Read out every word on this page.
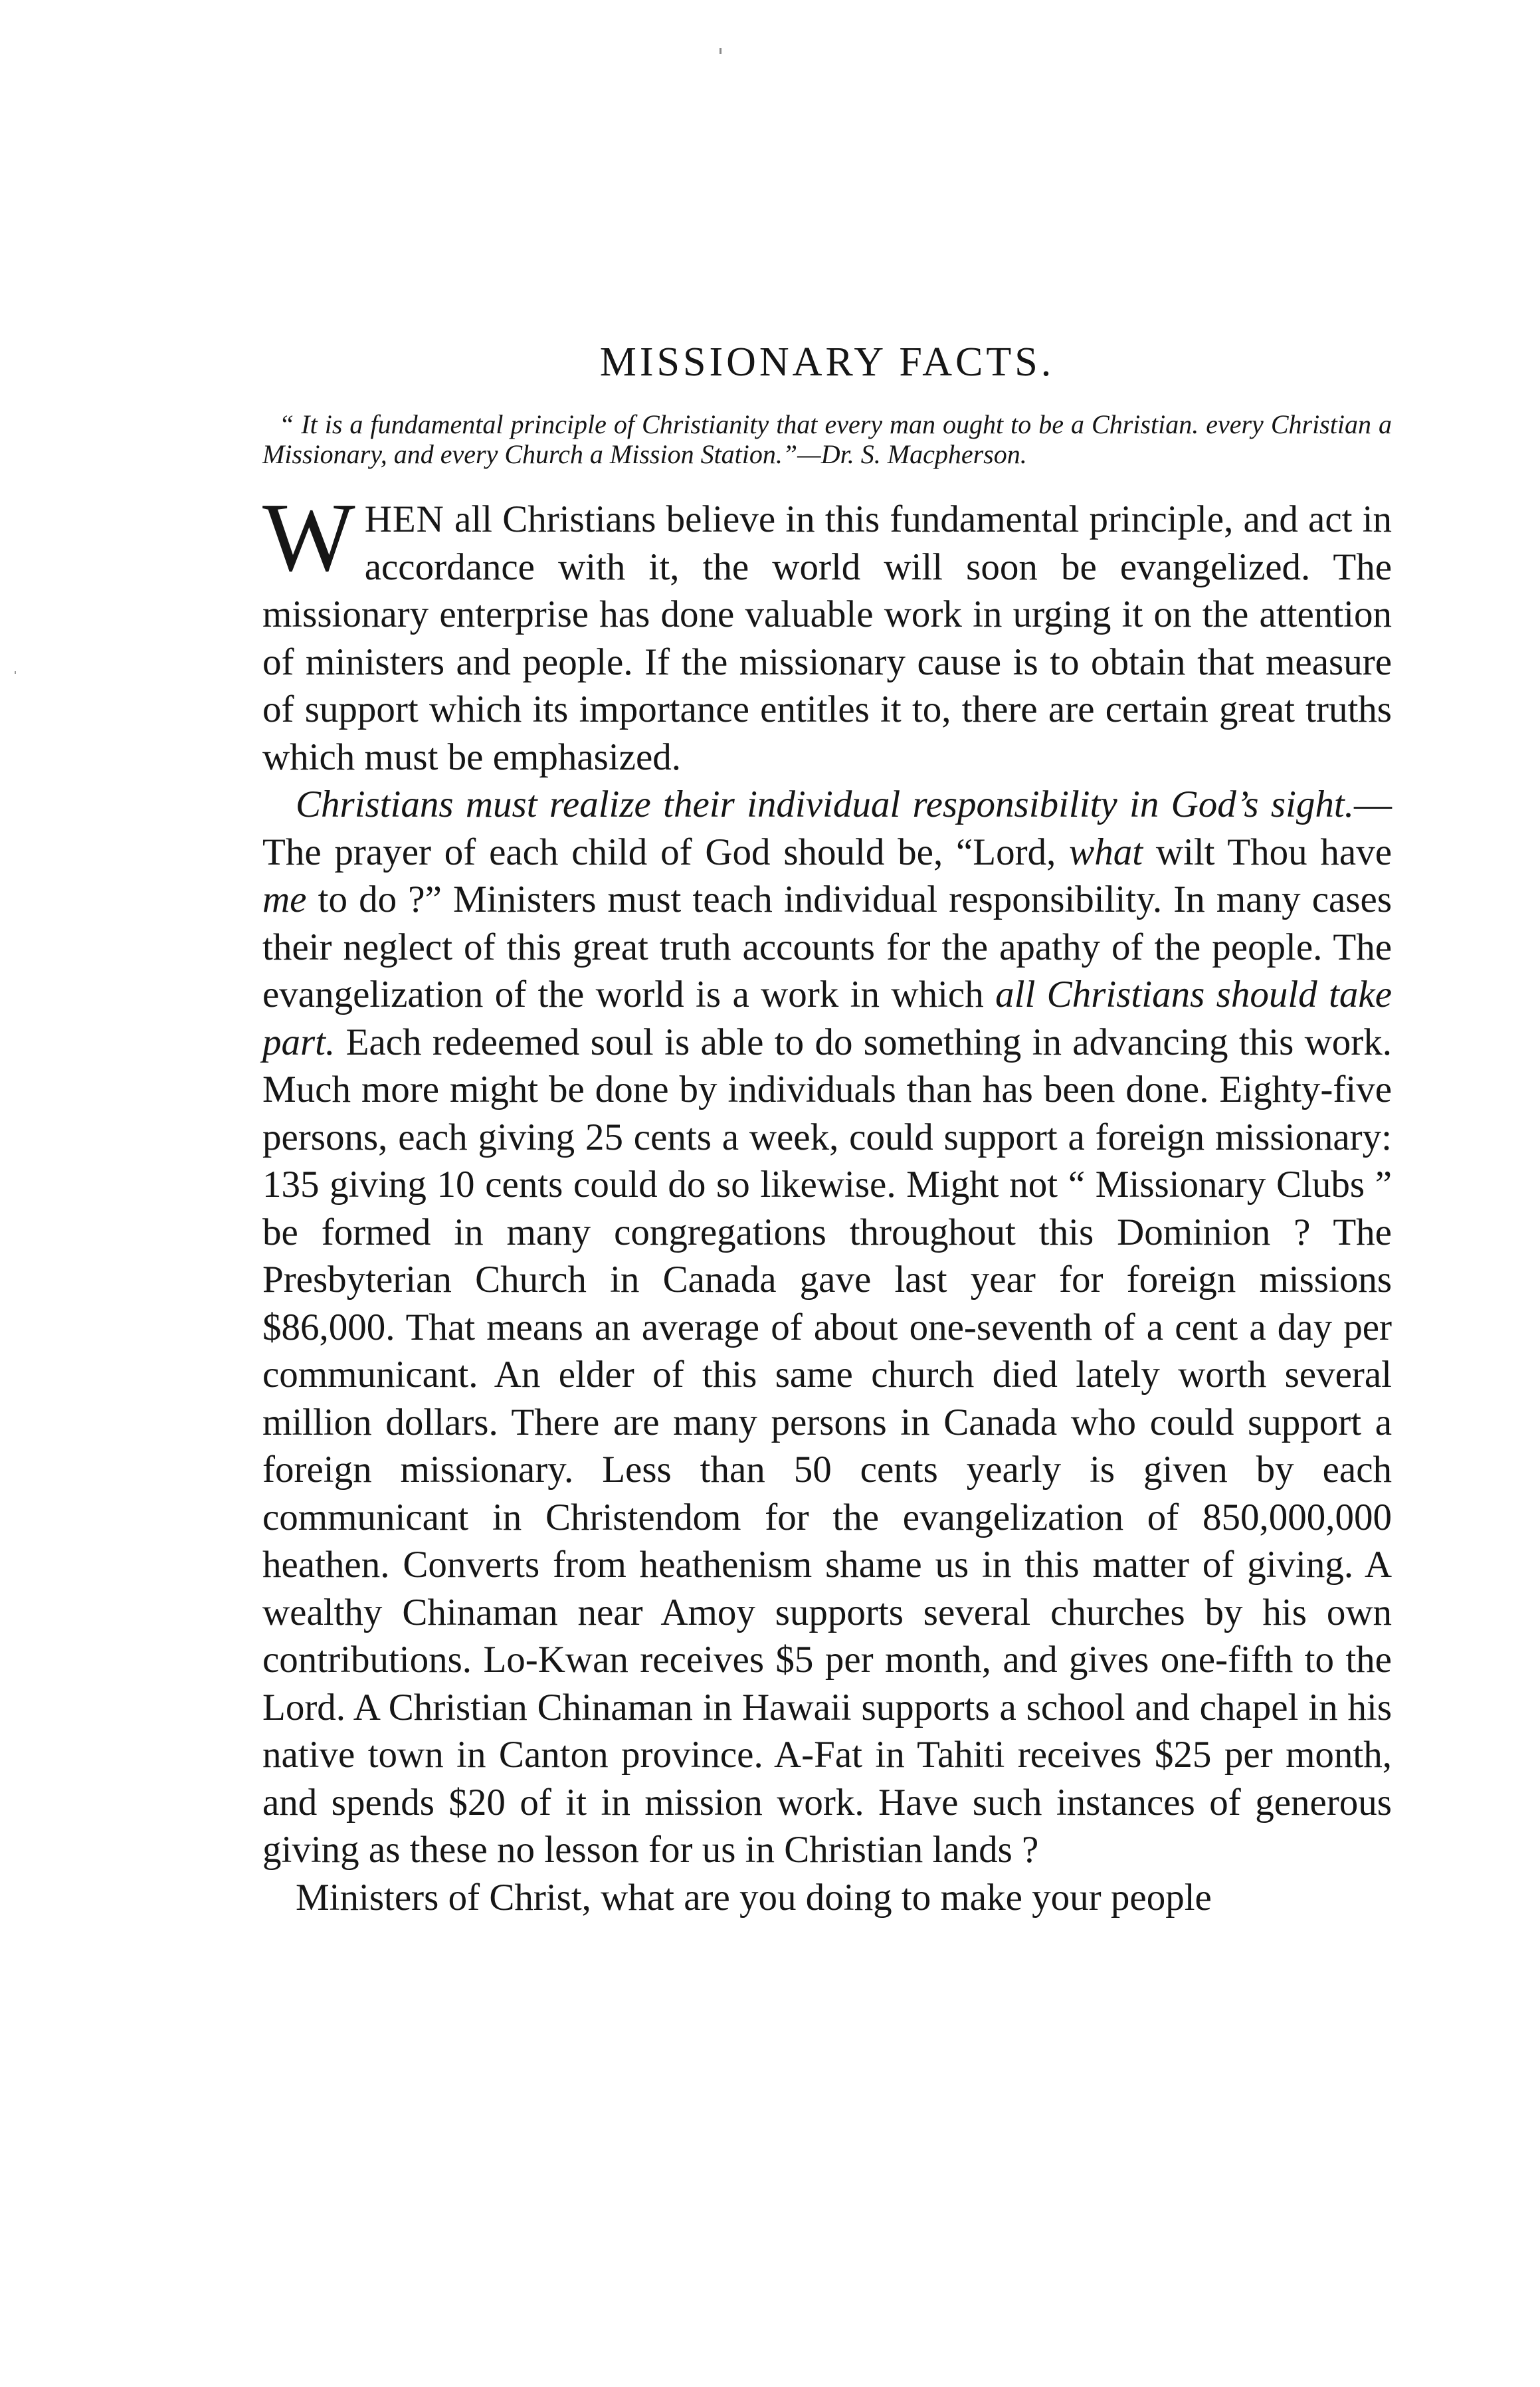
MISSIONARY FACTS.

“ It is a fundamental principle of Christianity that every man ought to be a Christian. every Christian a Missionary, and every Church a Mission Station.”—Dr. S. Macpherson.

WHEN all Christians believe in this fundamental principle, and act in accordance with it, the world will soon be evangelized. The missionary enterprise has done valuable work in urging it on the attention of ministers and people. If the missionary cause is to obtain that measure of support which its importance entitles it to, there are certain great truths which must be emphasized.

Christians must realize their individual responsibility in God’s sight.—The prayer of each child of God should be, “Lord, what wilt Thou have me to do ?” Ministers must teach individual responsibility. In many cases their neglect of this great truth accounts for the apathy of the people. The evangelization of the world is a work in which all Christians should take part. Each redeemed soul is able to do something in advancing this work. Much more might be done by individuals than has been done. Eighty-five persons, each giving 25 cents a week, could support a foreign missionary: 135 giving 10 cents could do so likewise. Might not “ Missionary Clubs ” be formed in many congregations throughout this Dominion ? The Presbyterian Church in Canada gave last year for foreign missions $86,000. That means an average of about one-seventh of a cent a day per communicant. An elder of this same church died lately worth several million dollars. There are many persons in Canada who could support a foreign missionary. Less than 50 cents yearly is given by each communicant in Christendom for the evangelization of 850,000,000 heathen. Converts from heathenism shame us in this matter of giving. A wealthy Chinaman near Amoy supports several churches by his own contributions. Lo-Kwan receives $5 per month, and gives one-fifth to the Lord. A Christian Chinaman in Hawaii supports a school and chapel in his native town in Canton province. A-Fat in Tahiti receives $25 per month, and spends $20 of it in mission work. Have such instances of generous giving as these no lesson for us in Christian lands ?

Ministers of Christ, what are you doing to make your people
